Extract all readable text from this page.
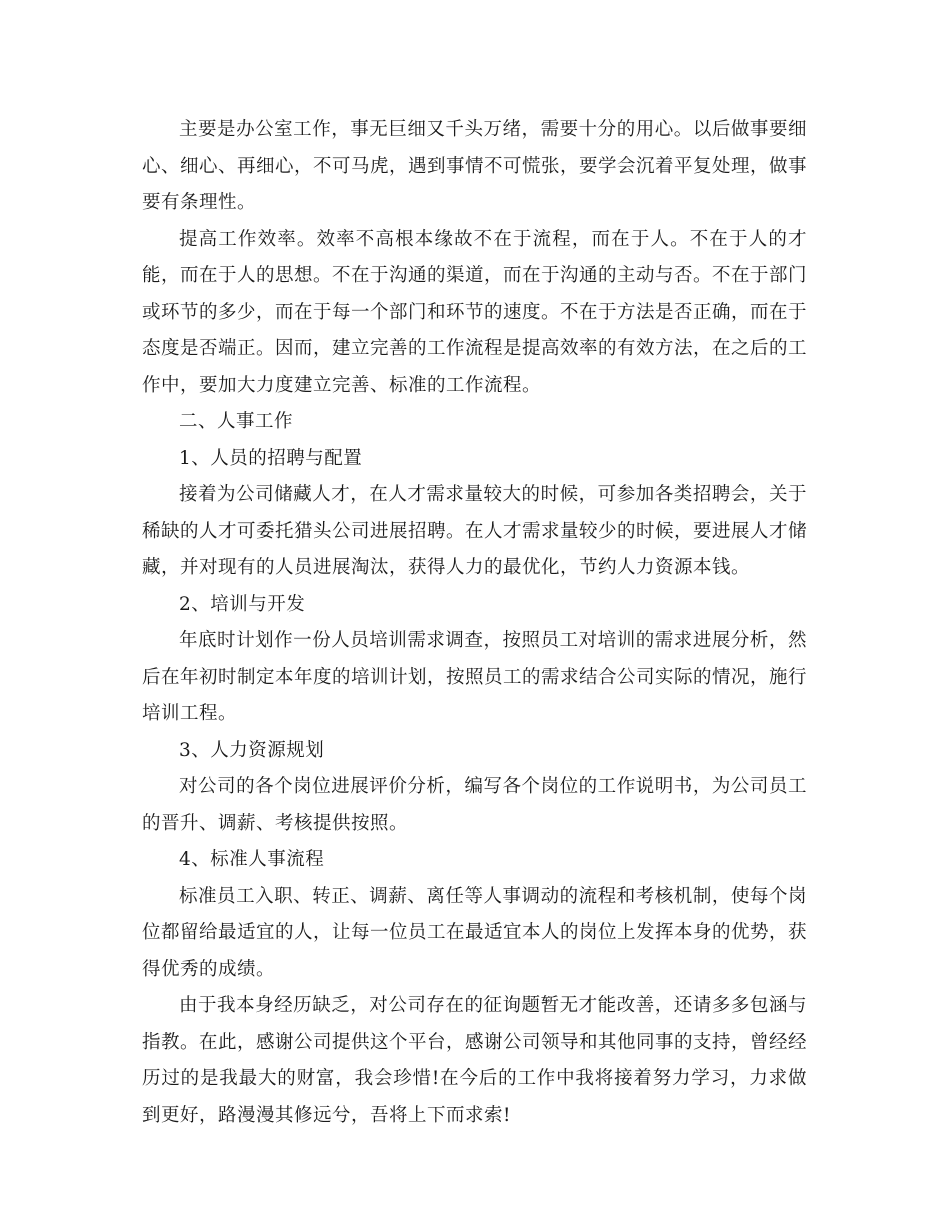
主要是办公室工作，事无巨细又千头万绪，需要十分的用心。以后做事要细心、细心、再细心，不可马虎，遇到事情不可慌张，要学会沉着平复处理，做事要有条理性。

提高工作效率。效率不高根本缘故不在于流程，而在于人。不在于人的才能，而在于人的思想。不在于沟通的渠道，而在于沟通的主动与否。不在于部门或环节的多少，而在于每一个部门和环节的速度。不在于方法是否正确，而在于态度是否端正。因而，建立完善的工作流程是提高效率的有效方法，在之后的工作中，要加大力度建立完善、标准的工作流程。

二、人事工作

1、人员的招聘与配置

接着为公司储藏人才，在人才需求量较大的时候，可参加各类招聘会，关于稀缺的人才可委托猎头公司进展招聘。在人才需求量较少的时候，要进展人才储藏，并对现有的人员进展淘汰，获得人力的最优化，节约人力资源本钱。

2、培训与开发

年底时计划作一份人员培训需求调查，按照员工对培训的需求进展分析，然后在年初时制定本年度的培训计划，按照员工的需求结合公司实际的情况，施行培训工程。

3、人力资源规划

对公司的各个岗位进展评价分析，编写各个岗位的工作说明书，为公司员工的晋升、调薪、考核提供按照。

4、标准人事流程

标准员工入职、转正、调薪、离任等人事调动的流程和考核机制，使每个岗位都留给最适宜的人，让每一位员工在最适宜本人的岗位上发挥本身的优势，获得优秀的成绩。

由于我本身经历缺乏，对公司存在的征询题暂无才能改善，还请多多包涵与指教。在此，感谢公司提供这个平台，感谢公司领导和其他同事的支持，曾经经历过的是我最大的财富，我会珍惜!在今后的工作中我将接着努力学习，力求做到更好，路漫漫其修远兮，吾将上下而求索!
